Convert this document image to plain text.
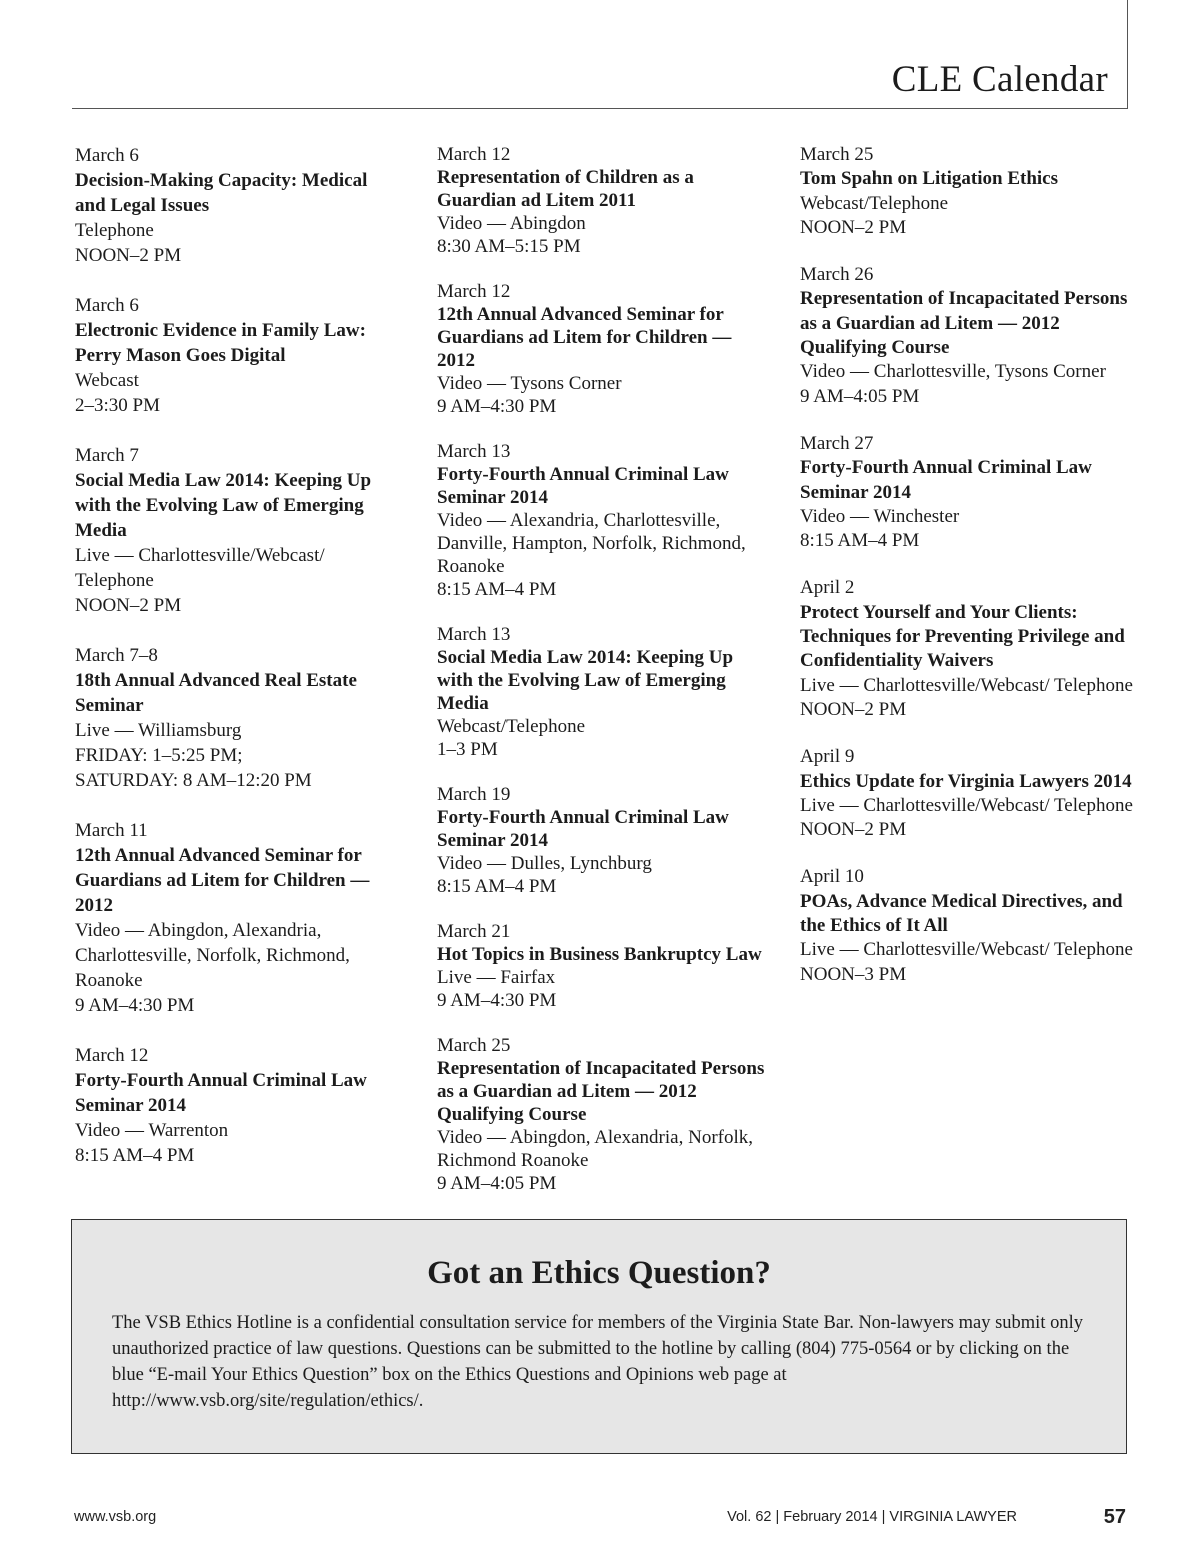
CLE Calendar
March 6
Decision-Making Capacity: Medical and Legal Issues
Telephone
NOON–2 PM
March 6
Electronic Evidence in Family Law: Perry Mason Goes Digital
Webcast
2–3:30 PM
March 7
Social Media Law 2014: Keeping Up with the Evolving Law of Emerging Media
Live — Charlottesville/Webcast/ Telephone
NOON–2 PM
March 7–8
18th Annual Advanced Real Estate Seminar
Live — Williamsburg
FRIDAY: 1–5:25 PM;
SATURDAY: 8 AM–12:20 PM
March 11
12th Annual Advanced Seminar for Guardians ad Litem for Children — 2012
Video — Abingdon, Alexandria, Charlottesville, Norfolk, Richmond, Roanoke
9 AM–4:30 PM
March 12
Forty-Fourth Annual Criminal Law Seminar 2014
Video — Warrenton
8:15 AM–4 PM
March 12
Representation of Children as a Guardian ad Litem 2011
Video — Abingdon
8:30 AM–5:15 PM
March 12
12th Annual Advanced Seminar for Guardians ad Litem for Children — 2012
Video — Tysons Corner
9 AM–4:30 PM
March 13
Forty-Fourth Annual Criminal Law Seminar 2014
Video — Alexandria, Charlottesville, Danville, Hampton, Norfolk, Richmond, Roanoke
8:15 AM–4 PM
March 13
Social Media Law 2014: Keeping Up with the Evolving Law of Emerging Media
Webcast/Telephone
1–3 PM
March 19
Forty-Fourth Annual Criminal Law Seminar 2014
Video — Dulles, Lynchburg
8:15 AM–4 PM
March 21
Hot Topics in Business Bankruptcy Law
Live — Fairfax
9 AM–4:30 PM
March 25
Representation of Incapacitated Persons as a Guardian ad Litem — 2012 Qualifying Course
Video — Abingdon, Alexandria, Norfolk, Richmond Roanoke
9 AM–4:05 PM
March 25
Tom Spahn on Litigation Ethics
Webcast/Telephone
NOON–2 PM
March 26
Representation of Incapacitated Persons as a Guardian ad Litem — 2012 Qualifying Course
Video — Charlottesville, Tysons Corner
9 AM–4:05 PM
March 27
Forty-Fourth Annual Criminal Law Seminar 2014
Video — Winchester
8:15 AM–4 PM
April 2
Protect Yourself and Your Clients: Techniques for Preventing Privilege and Confidentiality Waivers
Live — Charlottesville/Webcast/ Telephone
NOON–2 PM
April 9
Ethics Update for Virginia Lawyers 2014
Live — Charlottesville/Webcast/ Telephone
NOON–2 PM
April 10
POAs, Advance Medical Directives, and the Ethics of It All
Live — Charlottesville/Webcast/ Telephone
NOON–3 PM
Got an Ethics Question?
The VSB Ethics Hotline is a confidential consultation service for members of the Virginia State Bar. Non-lawyers may submit only unauthorized practice of law questions. Questions can be submitted to the hotline by calling (804) 775-0564 or by clicking on the blue “E-mail Your Ethics Question” box on the Ethics Questions and Opinions web page at http://www.vsb.org/site/regulation/ethics/.
www.vsb.org	Vol. 62 | February 2014 | VIRGINIA LAWYER	57
